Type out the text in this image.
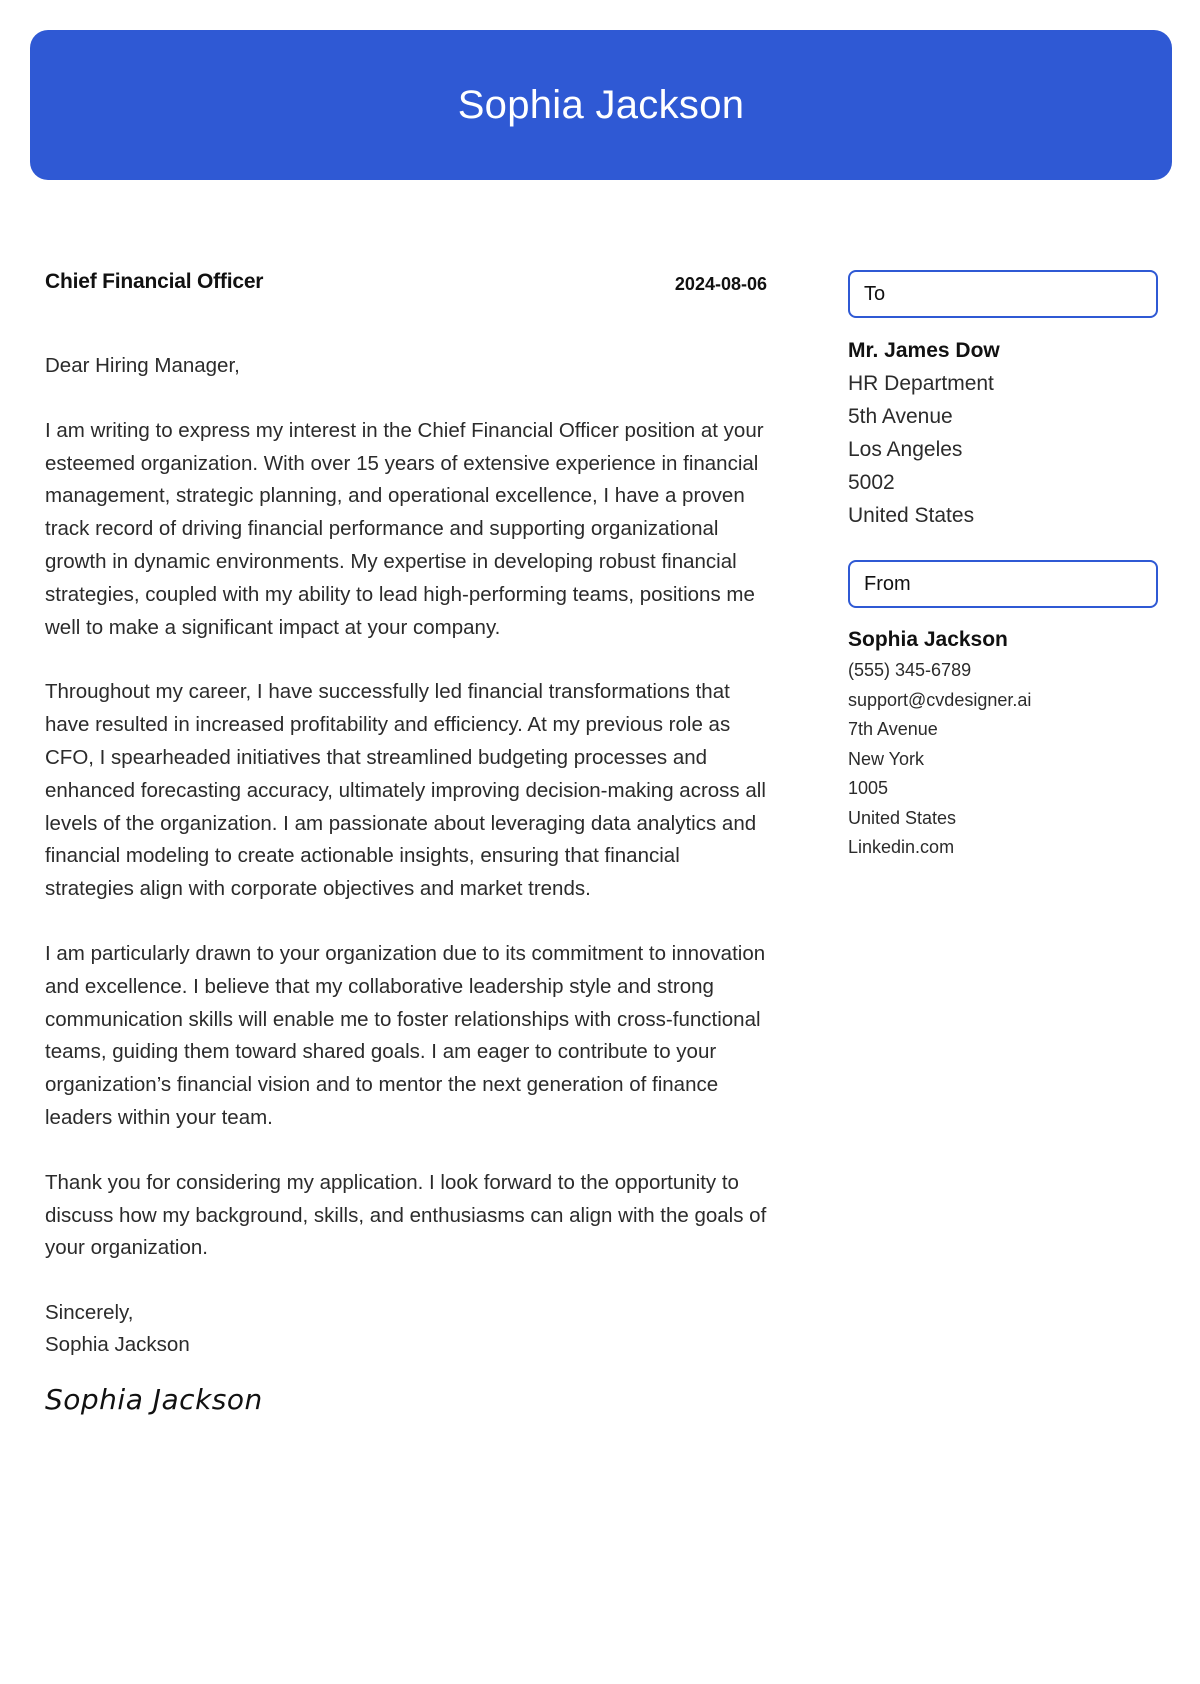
Sophia Jackson
Chief Financial Officer	2024-08-06

Dear Hiring Manager,

I am writing to express my interest in the Chief Financial Officer position at your esteemed organization. With over 15 years of extensive experience in financial management, strategic planning, and operational excellence, I have a proven track record of driving financial performance and supporting organizational growth in dynamic environments. My expertise in developing robust financial strategies, coupled with my ability to lead high-performing teams, positions me well to make a significant impact at your company.

Throughout my career, I have successfully led financial transformations that have resulted in increased profitability and efficiency. At my previous role as CFO, I spearheaded initiatives that streamlined budgeting processes and enhanced forecasting accuracy, ultimately improving decision-making across all levels of the organization. I am passionate about leveraging data analytics and financial modeling to create actionable insights, ensuring that financial strategies align with corporate objectives and market trends.

I am particularly drawn to your organization due to its commitment to innovation and excellence. I believe that my collaborative leadership style and strong communication skills will enable me to foster relationships with cross-functional teams, guiding them toward shared goals. I am eager to contribute to your organization’s financial vision and to mentor the next generation of finance leaders within your team.

Thank you for considering my application. I look forward to the opportunity to discuss how my background, skills, and enthusiasms can align with the goals of your organization.

Sincerely,
Sophia Jackson
Sophia Jackson
To
Mr. James Dow
HR Department
5th Avenue
Los Angeles
5002
United States
From
Sophia Jackson
(555) 345-6789
support@cvdesigner.ai
7th Avenue
New York
1005
United States
Linkedin.com
